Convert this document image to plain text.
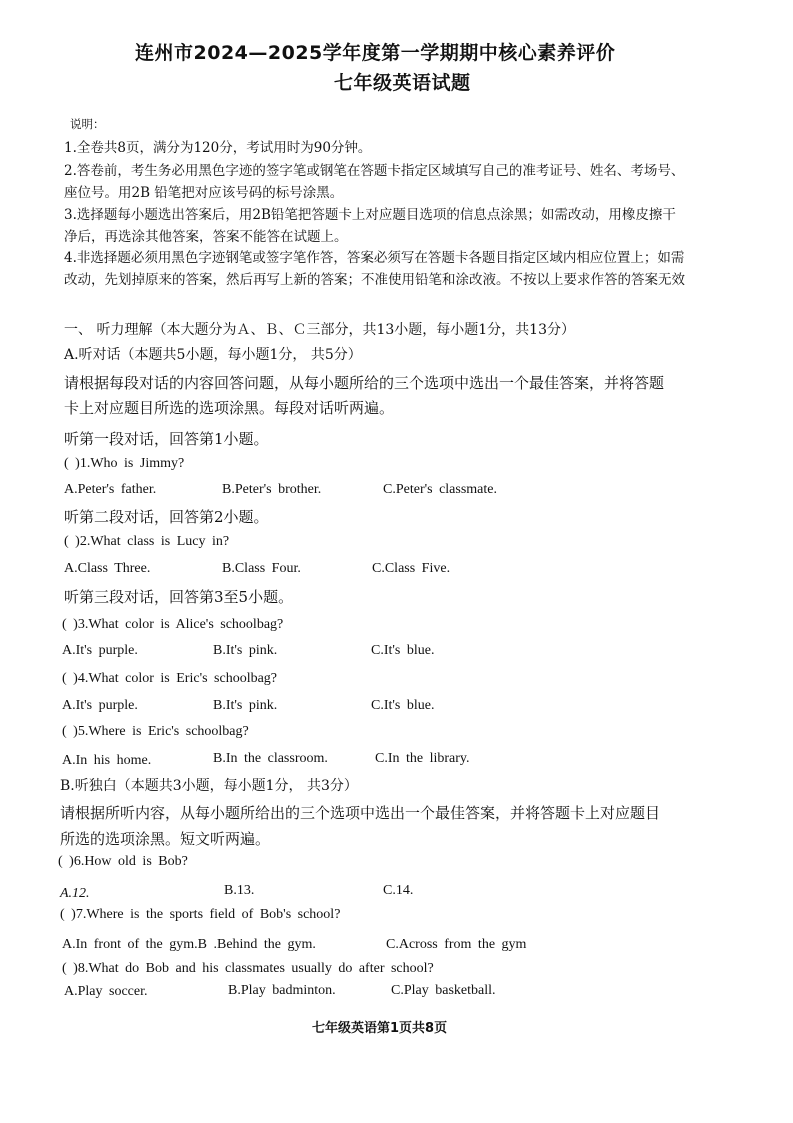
连州市2024—2025学年度第一学期期中核心素养评价
七年级英语试题
说明：
1.全卷共8页，满分为120分，考试用时为90分钟。
2.答卷前，考生务必用黑色字迹的签字笔或钢笔在答题卡指定区域填写自己的准考证号、姓名、考场号、
座位号。用2B 铅笔把对应该号码的标号涂黑。
3.选择题每小题选出答案后，用2B铅笔把答题卡上对应题目选项的信息点涂黑；如需改动，用橡皮擦干
净后，再选涂其他答案，答案不能答在试题上。
4.非选择题必须用黑色字迹钢笔或签字笔作答，答案必须写在答题卡各题目指定区域内相应位置上；如需
改动，先划掉原来的答案，然后再写上新的答案；不准使用铅笔和涂改液。不按以上要求作答的答案无效
一、 听力理解（本大题分为Ａ、Ｂ、Ｃ三部分，共13小题，每小题1分，共13分）
A.听对话（本题共5小题，每小题1分， 共5分）
请根据每段对话的内容回答问题，从每小题所给的三个选项中选出一个最佳答案，并将答题
卡上对应题目所选的选项涂黑。每段对话听两遍。
听第一段对话，回答第1小题。
( )1.Who is Jimmy?
A.Peter's father.	B.Peter's brother.	C.Peter's classmate.
听第二段对话，回答第2小题。
( )2.What class is Lucy in?
A.Class Three.	B.Class Four.	C.Class Five.
听第三段对话，回答第3至5小题。
( )3.What color is Alice's schoolbag?
A.It's purple.	B.It's pink.	C.It's blue.
( )4.What color is Eric's schoolbag?
A.It's purple.	B.It's pink.	C.It's blue.
( )5.Where is Eric's schoolbag?
A.In his home.	B.In the classroom.	C.In the library.
B.听独白（本题共3小题，每小题1分， 共3分）
请根据所听内容，从每小题所给出的三个选项中选出一个最佳答案，并将答题卡上对应题目
所选的选项涂黑。短文听两遍。
( )6.How old is Bob?
A.12.	B.13.	C.14.
( )7.Where is the sports field of Bob's school?
A.In front of the gym.B .Behind the gym.	C.Across from the gym
( )8.What do Bob and his classmates usually do after school?
A.Play soccer.	B.Play badminton.	C.Play basketball.
七年级英语第1页共8页
